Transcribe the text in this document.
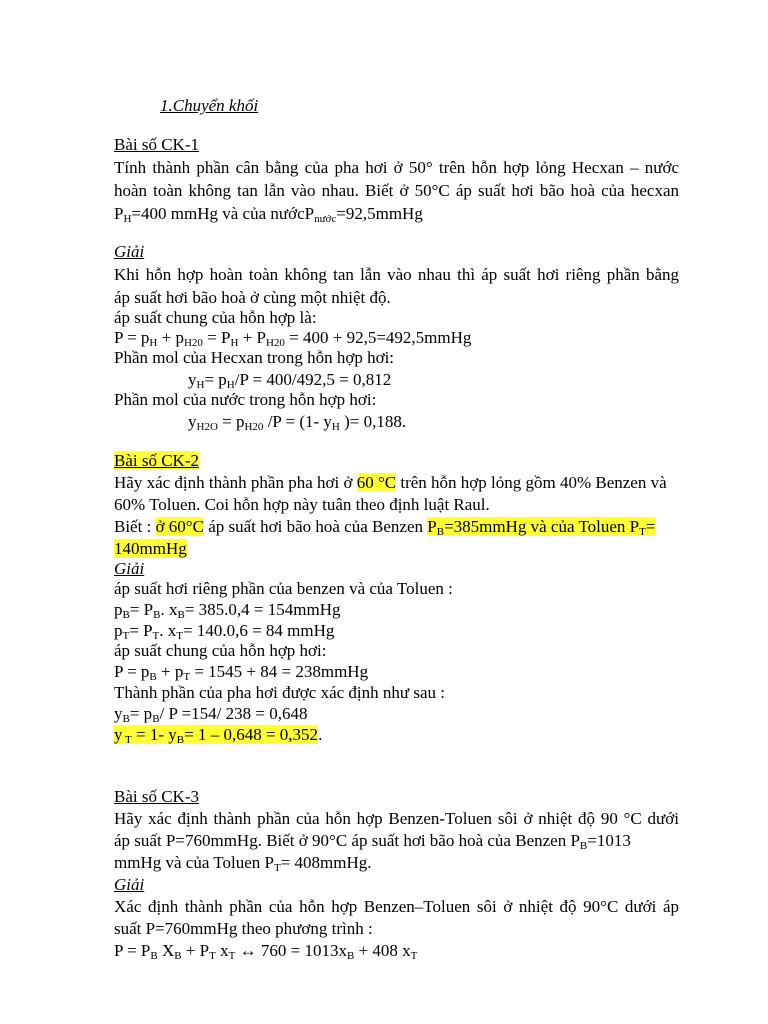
1.Chuyển khối
Bài số CK-1
Tính thành phần cân bằng của pha hơi ở 50° trên hỗn hợp lỏng Hecxan – nước
hoàn toàn không tan lẫn vào nhau. Biết ở 50°C áp suất hơi bão hoà của hecxan
$P_H=400$ mmHg và của nướcP$_{nước}$=92,5mmHg
Giải
Khi hỗn hợp hoàn toàn không tan lẫn vào nhau thì áp suất hơi riêng phần bằng
áp suất hơi bão hoà ở cùng một nhiệt độ.
áp suất chung của hỗn hợp là:
$P = p_H + p_{H20} = P_H + P_{H20} = 400$ + 92,5=492,5mmHg
Phần mol của Hecxan trong hỗn hợp hơi:
$y_H= p_H/P = 400/492,5 = 0,812$
Phần mol của nước trong hỗn hợp hơi:
$y_{H2O} = p_{H20}$ /P = (1- $y_H$ )= 0,188.
Bài số CK-2
Hãy xác định thành phần pha hơi ở 60 °C trên hỗn hợp lỏng gồm 40% Benzen và
60% Toluen. Coi hỗn hợp này tuân theo định luật Raul.
Biết : ở 60°C áp suất hơi bão hoà của Benzen $P_B=385mmHg$ và của Toluen $P_T=$
140mmHg
Giải
áp suất hơi riêng phần của benzen và của Toluen :
$p_B= P_B$. $x_B= 385.0,4$ = 154mmHg
$p_T= P_T$. $x_T= 140.0,6 = 84$ mmHg
áp suất chung của hỗn hợp hơi:
$P = p_B + p_T = 1545 + 84$ = 238mmHg
Thành phần của pha hơi được xác định như sau :
$y_B= p_B/$ P =154/ 238 = 0,648
y $_T$ = 1- $y_B= 1 - 0,648 = 0,352$.
Bài số CK-3
Hãy xác định thành phần của hỗn hợp Benzen-Toluen sôi ở nhiệt độ 90 °C dưới
áp suất P=760mmHg. Biết ở 90°C áp suất hơi bão hoà của Benzen $P_B=1013$
mmHg và của Toluen $P_T=$ 408mmHg.
Giải
Xác định thành phần của hỗn hợp Benzen–Toluen sôi ở nhiệt độ 90°C dưới áp
suất P=760mmHg theo phương trình :
$P = P_B$ $X_B + P_T$ $x_T$ ↔ $760 = 1013x_B + 408$ $x_T$
